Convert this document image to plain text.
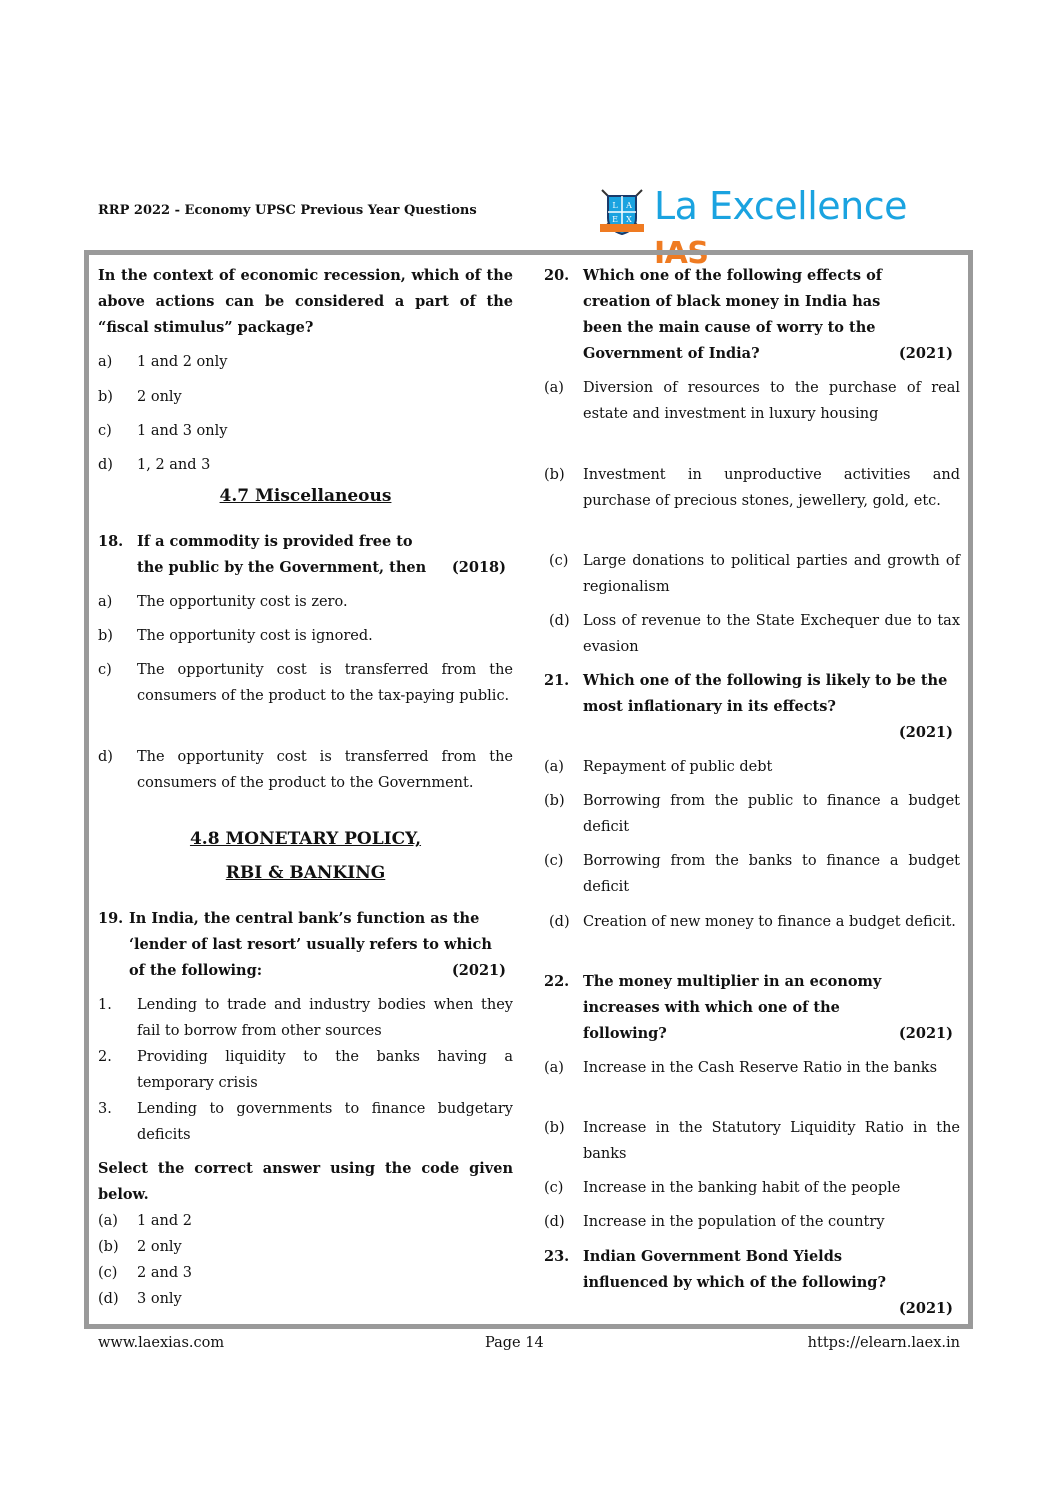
RRP 2022 - Economy UPSC Previous Year Questions	L A
E X La Excellence IAS
In the context of economic recession, which of the above actions can be considered a part of the “fiscal stimulus” package?
a) 1 and 2 only
b) 2 only
c) 1 and 3 only
d) 1, 2 and 3
4.7 Miscellaneous
18. If a commodity is provided free to the public by the Government, then	(2018)
a) The opportunity cost is zero.
b) The opportunity cost is ignored.
c) The opportunity cost is transferred from the consumers of the product to the tax-paying public.
d) The opportunity cost is transferred from the consumers of the product to the Government.
4.8 MONETARY POLICY,
RBI & BANKING
19. In India, the central bank’s function as the ‘lender of last resort’ usually refers to which of the following:	(2021)
1. Lending to trade and industry bodies when they fail to borrow from other sources
2. Providing liquidity to the banks having a temporary crisis
3. Lending to governments to finance budgetary deficits
Select the correct answer using the code given below.
(a) 1 and 2
(b) 2 only
(c) 2 and 3
(d) 3 only
20. Which one of the following effects of creation of black money in India has been the main cause of worry to the Government of India?	(2021)
(a) Diversion of resources to the purchase of real estate and investment in luxury housing
(b) Investment in unproductive activities and purchase of precious stones, jewellery, gold, etc.
(c) Large donations to political parties and growth of regionalism
(d) Loss of revenue to the State Exchequer due to tax evasion
21. Which one of the following is likely to be the most inflationary in its effects?
(2021)
(a) Repayment of public debt
(b) Borrowing from the public to finance a budget deficit
(c) Borrowing from the banks to finance a budget deficit
(d) Creation of new money to finance a budget deficit.
22. The money multiplier in an economy increases with which one of the following?	(2021)
(a) Increase in the Cash Reserve Ratio in the banks
(b) Increase in the Statutory Liquidity Ratio in the banks
(c) Increase in the banking habit of the people
(d) Increase in the population of the country
23. Indian Government Bond Yields influenced by which of the following?
(2021)
www.laexias.com	Page 14	https://elearn.laex.in
